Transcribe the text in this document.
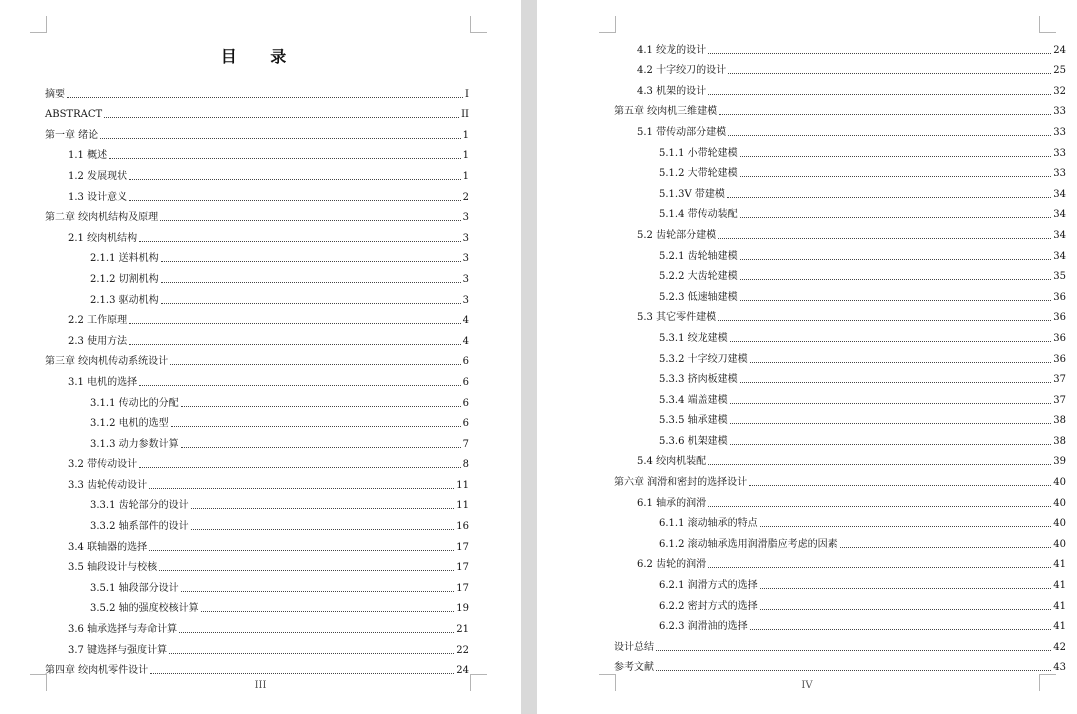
目 录
摘要	I
ABSTRACT	II
第一章 绪论	1
1.1 概述	1
1.2 发展现状	1
1.3 设计意义	2
第二章 绞肉机结构及原理	3
2.1 绞肉机结构	3
2.1.1 送料机构	3
2.1.2 切割机构	3
2.1.3 驱动机构	3
2.2 工作原理	4
2.3 使用方法	4
第三章 绞肉机传动系统设计	6
3.1 电机的选择	6
3.1.1 传动比的分配	6
3.1.2 电机的选型	6
3.1.3 动力参数计算	7
3.2 带传动设计	8
3.3 齿轮传动设计	11
3.3.1 齿轮部分的设计	11
3.3.2 轴系部件的设计	16
3.4 联轴器的选择	17
3.5 轴段设计与校核	17
3.5.1 轴段部分设计	17
3.5.2 轴的强度校核计算	19
3.6 轴承选择与寿命计算	21
3.7 键选择与强度计算	22
第四章 绞肉机零件设计	24
III
4.1 绞龙的设计	24
4.2 十字绞刀的设计	25
4.3 机架的设计	32
第五章 绞肉机三维建模	33
5.1 带传动部分建模	33
5.1.1 小带轮建模	33
5.1.2 大带轮建模	33
5.1.3V 带建模	34
5.1.4 带传动装配	34
5.2 齿轮部分建模	34
5.2.1 齿轮轴建模	34
5.2.2 大齿轮建模	35
5.2.3 低速轴建模	36
5.3 其它零件建模	36
5.3.1 绞龙建模	36
5.3.2 十字绞刀建模	36
5.3.3 挤肉板建模	37
5.3.4 端盖建模	37
5.3.5 轴承建模	38
5.3.6 机架建模	38
5.4 绞肉机装配	39
第六章 润滑和密封的选择设计	40
6.1 轴承的润滑	40
6.1.1 滚动轴承的特点	40
6.1.2 滚动轴承选用润滑脂应考虑的因素	40
6.2 齿轮的润滑	41
6.2.1 润滑方式的选择	41
6.2.2 密封方式的选择	41
6.2.3 润滑油的选择	41
设计总结	42
参考文献	43
IV
